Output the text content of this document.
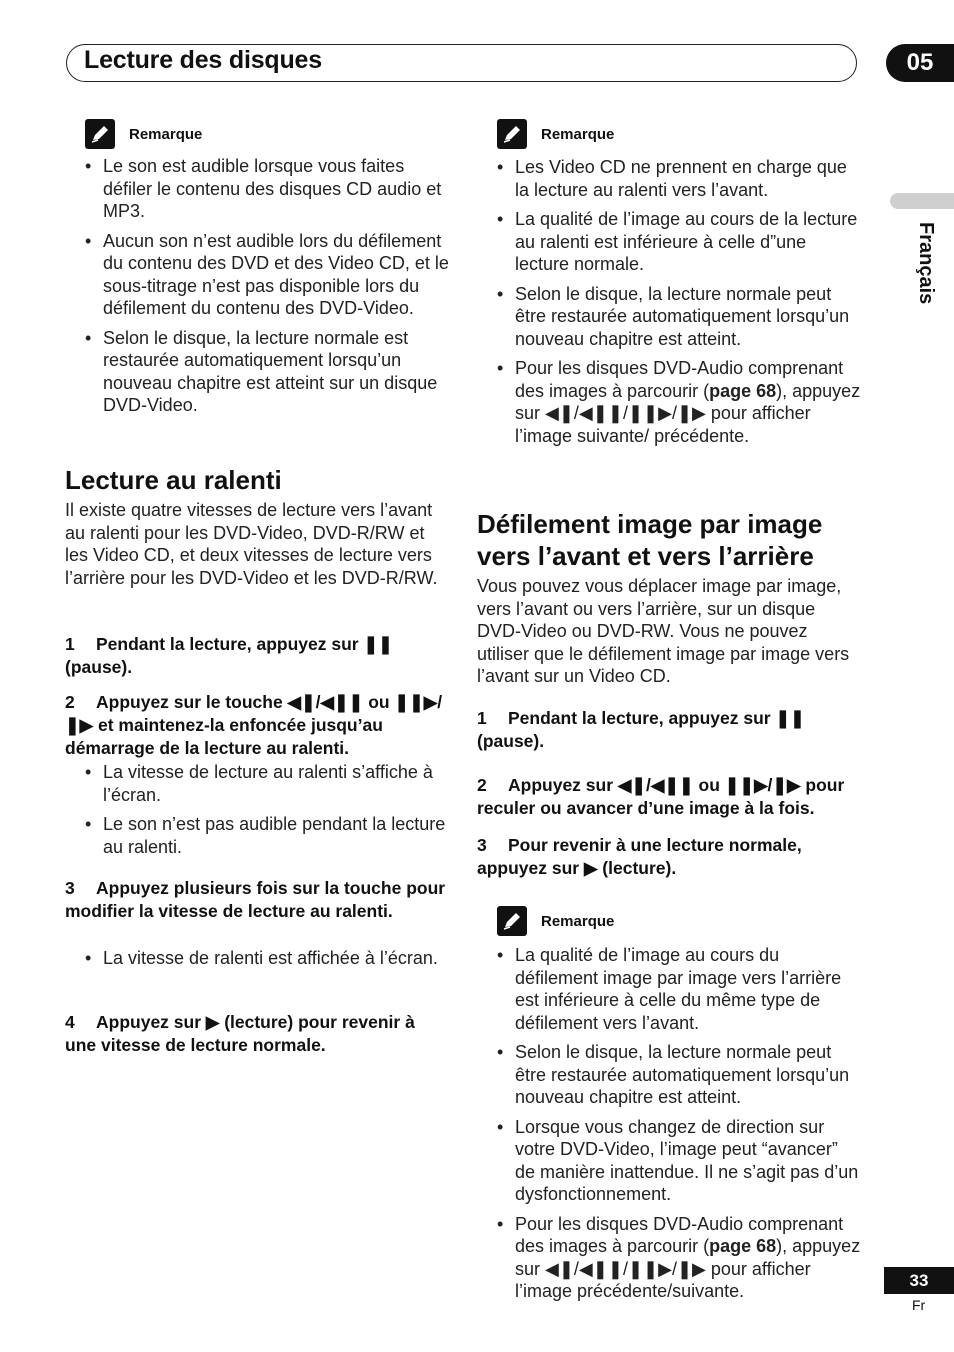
Lecture des disques	05
Français
Remarque
• Le son est audible lorsque vous faites défiler le contenu des disques CD audio et MP3.
• Aucun son n’est audible lors du défilement du contenu des DVD et des Video CD, et le sous-titrage n’est pas disponible lors du défilement du contenu des DVD-Video.
• Selon le disque, la lecture normale est restaurée automatiquement lorsqu’un nouveau chapitre est atteint sur un disque DVD-Video.
Lecture au ralenti

Il existe quatre vitesses de lecture vers l’avant au ralenti pour les DVD-Video, DVD-R/RW et les Video CD, et deux vitesses de lecture vers l’arrière pour les DVD-Video et les DVD-R/RW.

1 Pendant la lecture, appuyez sur ❚❚ (pause).

2 Appuyez sur le touche ◀❚/◀❚❚ ou ❚❚▶/❚▶ et maintenez-la enfoncée jusqu’au démarrage de la lecture au ralenti.

• La vitesse de lecture au ralenti s’affiche à l’écran.
• Le son n’est pas audible pendant la lecture au ralenti.

3 Appuyez plusieurs fois sur la touche pour modifier la vitesse de lecture au ralenti.

• La vitesse de ralenti est affichée à l’écran.

4 Appuyez sur ▶ (lecture) pour revenir à une vitesse de lecture normale.

Remarque
• Les Video CD ne prennent en charge que la lecture au ralenti vers l’avant.
• La qualité de l’image au cours de la lecture au ralenti est inférieure à celle d”une lecture normale.
• Selon le disque, la lecture normale peut être restaurée automatiquement lorsqu’un nouveau chapitre est atteint.
• Pour les disques DVD-Audio comprenant des images à parcourir (page 68), appuyez sur ◀❚/◀❚❚/❚❚▶/❚▶ pour afficher l’image suivante/ précédente.
Défilement image par image vers l’avant et vers l’arrière

Vous pouvez vous déplacer image par image, vers l’avant ou vers l’arrière, sur un disque DVD-Video ou DVD-RW. Vous ne pouvez utiliser que le défilement image par image vers l’avant sur un Video CD.

1 Pendant la lecture, appuyez sur ❚❚ (pause).

2 Appuyez sur ◀❚/◀❚❚ ou ❚❚▶/❚▶ pour reculer ou avancer d’une image à la fois.

3 Pour revenir à une lecture normale, appuyez sur ▶ (lecture).

Remarque
• La qualité de l’image au cours du défilement image par image vers l’arrière est inférieure à celle du même type de défilement vers l’avant.
• Selon le disque, la lecture normale peut être restaurée automatiquement lorsqu’un nouveau chapitre est atteint.
• Lorsque vous changez de direction sur votre DVD-Video, l’image peut “avancer” de manière inattendue. Il ne s’agit pas d’un dysfonctionnement.
• Pour les disques DVD-Audio comprenant des images à parcourir (page 68), appuyez sur ◀❚/◀❚❚/❚❚▶/❚▶ pour afficher l’image précédente/suivante.
33
Fr
